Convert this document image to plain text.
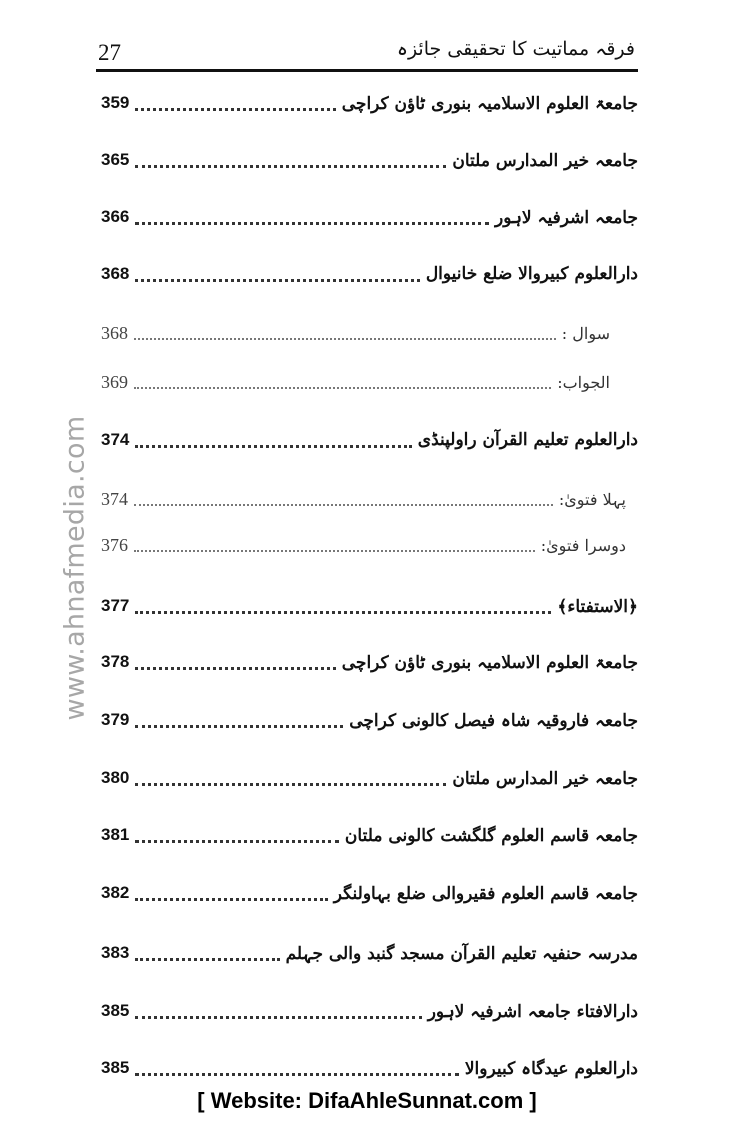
27	فرقہ مماتیت کا تحقیقی جائزہ
www.ahnafmedia.com
359	جامعۃ العلوم الاسلامیہ بنوری ٹاؤن کراچی
365	جامعہ خیر المدارس ملتان
366	جامعہ اشرفیہ لاہور
368	دارالعلوم کبیروالا ضلع خانیوال
368	سوال :
369	الجواب:
374	دارالعلوم تعلیم القرآن راولپنڈی
374	پہلا فتویٰ:
376	دوسرا فتویٰ:
377	﴿الاستفتاء﴾
378	جامعۃ العلوم الاسلامیہ بنوری ٹاؤن کراچی
379	جامعہ فاروقیہ شاہ فیصل کالونی کراچی
380	جامعہ خیر المدارس ملتان
381	جامعہ قاسم العلوم گلگشت کالونی ملتان
382	جامعہ قاسم العلوم فقیروالی ضلع بہاولنگر
383	مدرسہ حنفیہ تعلیم القرآن مسجد گنبد والی جہلم
385	دارالافتاء جامعہ اشرفیہ لاہور
385	دارالعلوم عیدگاہ کبیروالا
[ Website: DifaAhleSunnat.com ]
